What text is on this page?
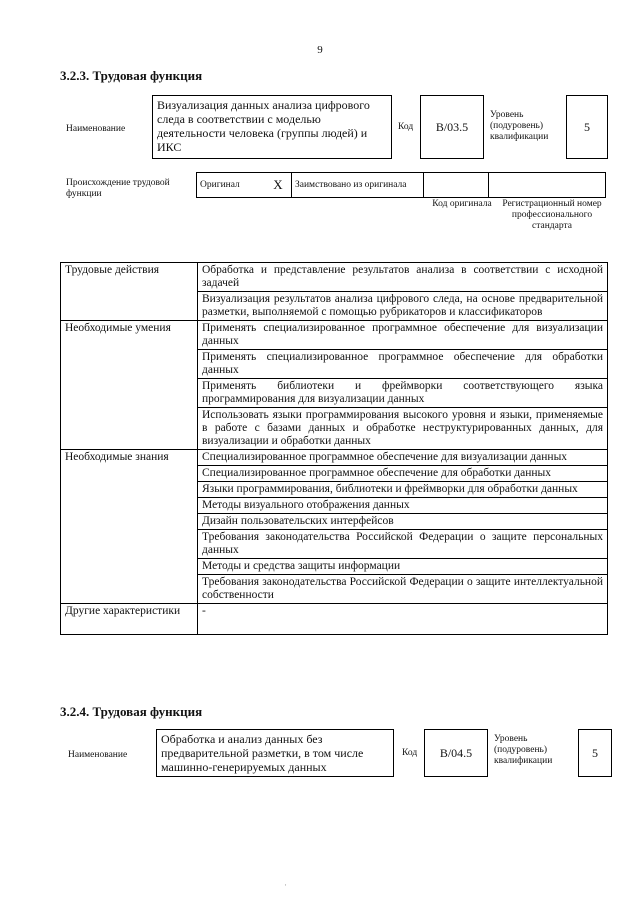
9
3.2.3. Трудовая функция
Наименование
Визуализация данных анализа цифрового следа в соответствии с моделью деятельности человека (группы людей) и ИКС
Код	B/03.5
Уровень (подуровень) квалификации
5
Происхождение трудовой функции
Оригинал	X	Заимствовано из оригинала		
Код оригинала Регистрационный номер профессионального стандарта
Трудовые действия	Обработка и представление результатов анализа в соответствии с исходной задачей
	Визуализация результатов анализа цифрового следа, на основе предварительной разметки, выполняемой с помощью рубрикаторов и классификаторов
Необходимые умения	Применять специализированное программное обеспечение для визуализации данных
	Применять специализированное программное обеспечение для обработки данных
	Применять библиотеки и фреймворки соответствующего языка программирования для визуализации данных
	Использовать языки программирования высокого уровня и языки, применяемые в работе с базами данных и обработке неструктурированных данных, для визуализации и обработки данных
Необходимые знания	Специализированное программное обеспечение для визуализации данных
	Специализированное программное обеспечение для обработки данных
	Языки программирования, библиотеки и фреймворки для обработки данных
	Методы визуального отображения данных
	Дизайн пользовательских интерфейсов
	Требования законодательства Российской Федерации о защите персональных данных
	Методы и средства защиты информации
	Требования законодательства Российской Федерации о защите интеллектуальной собственности
Другие характеристики	-
3.2.4. Трудовая функция
Наименование
Обработка и анализ данных без предварительной разметки, в том числе машинно-генерируемых данных
Код	B/04.5
Уровень (подуровень) квалификации
5
·
